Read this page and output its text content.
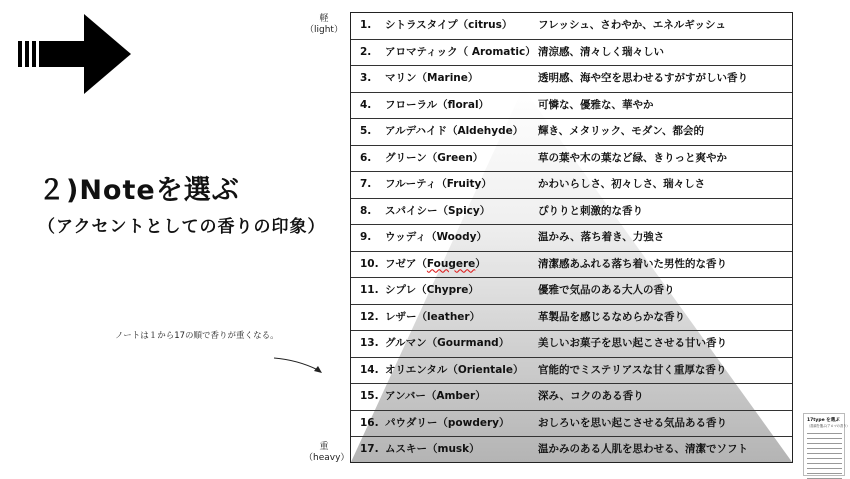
２)Noteを選ぶ
（アクセントとしての香りの印象）
ノートは１から17の順で香りが重くなる。
軽
（light）
重
（heavy）
1. シトラスタイプ（citrus） フレッシュ、さわやか、エネルギッシュ
2. アロマティック（ Aromatic） 清涼感、清々しく瑞々しい
3. マリン（Marine）	透明感、海や空を思わせるすがすがしい香り
4. フローラル（floral）	可憐な、優雅な、華やか
5. アルデハイド（Aldehyde） 輝き、メタリック、モダン、都会的
6. グリーン（Green）	草の葉や木の葉など緑、きりっと爽やか
7. フルーティ（Fruity）	かわいらしさ、初々しさ、瑞々しさ
8. スパイシー（Spicy）	ぴりりと刺激的な香り
9. ウッディ（Woody）	温かみ、落ち着き、力強さ
10. フゼア（Fougere）	清潔感あふれる落ち着いた男性的な香り
11. シプレ（Chypre）	優雅で気品のある大人の香り
12. レザー（leather）	革製品を感じるなめらかな香り
13. グルマン（Gourmand）	美しいお菓子を思い起こさせる甘い香り
14. オリエンタル（Orientale） 官能的でミステリアスな甘く重厚な香り
15. アンバー（Amber）	深み、コクのある香り
16. パウダリー（powdery）	おしろいを思い起こさせる気品ある香り
17. ムスキー（musk）	温かみのある人肌を思わせる、清潔でソフト
17type を選ぶ
（香調を選ぶ/アロマの香り）
